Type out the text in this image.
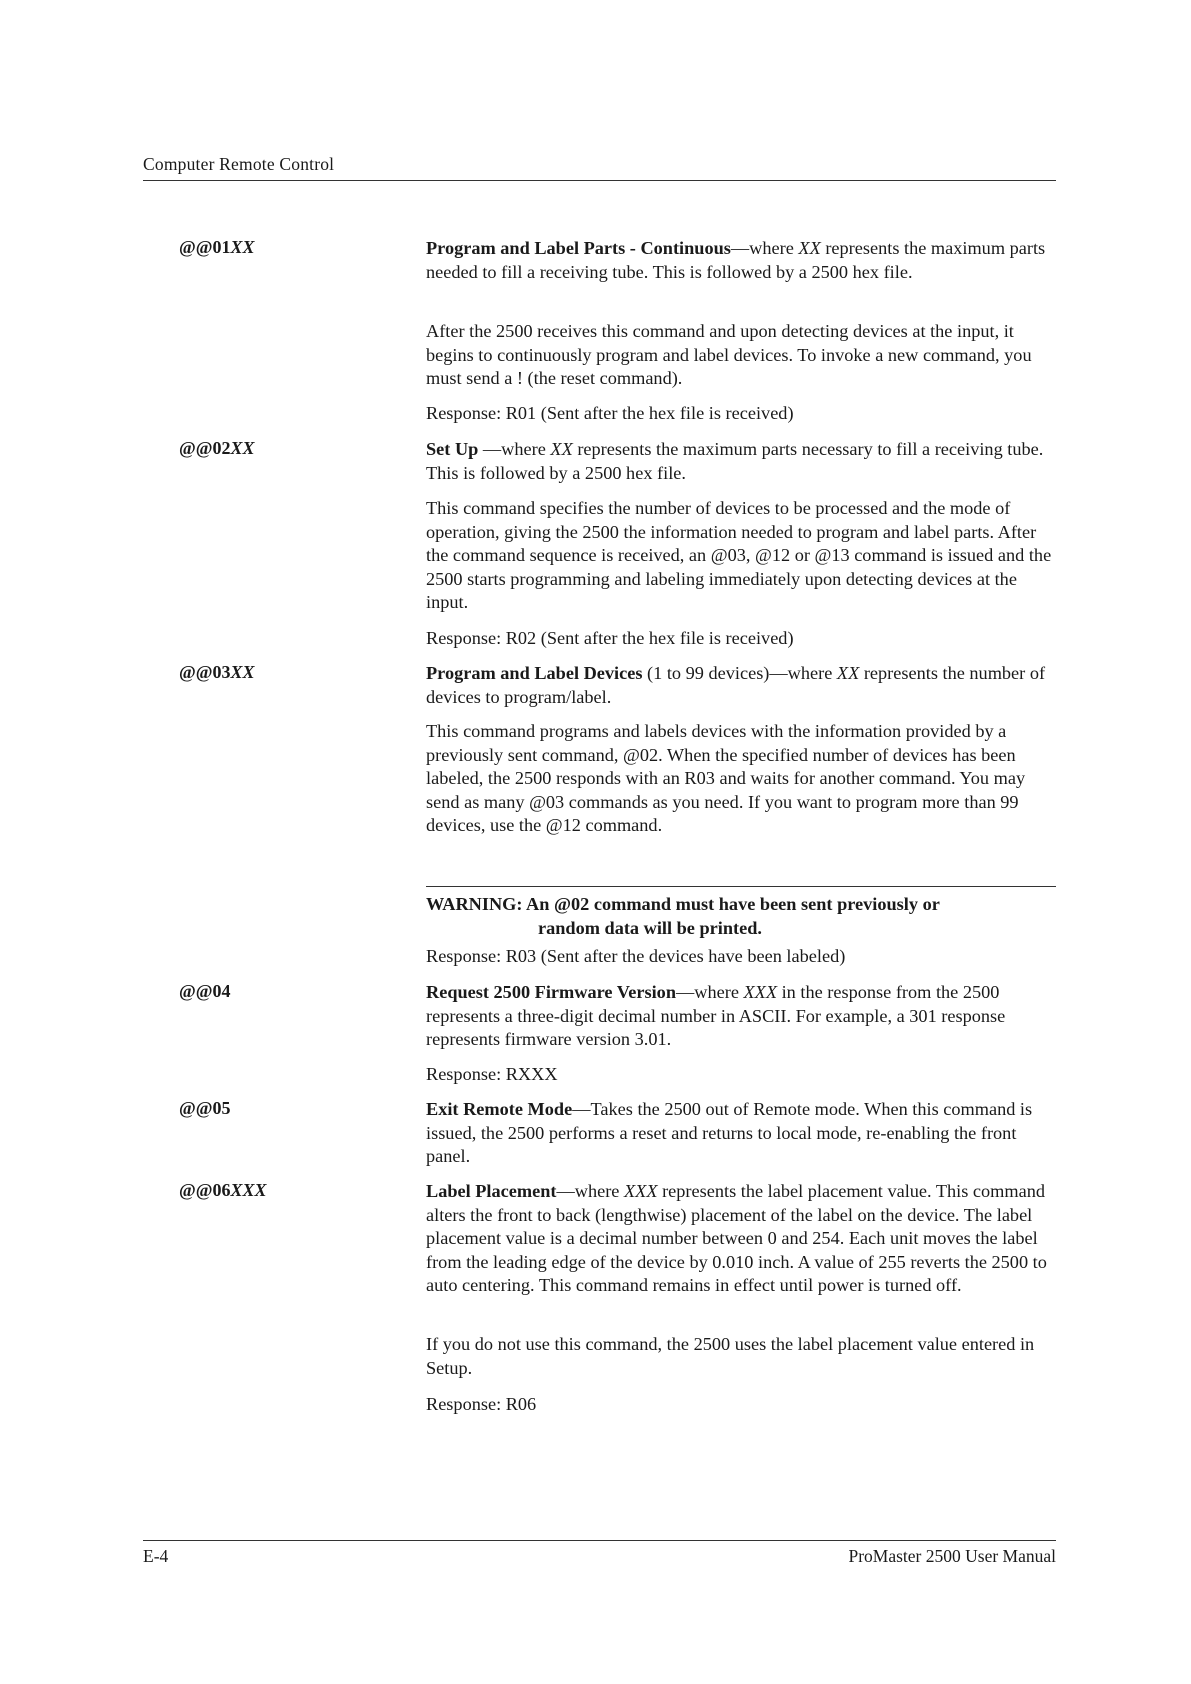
Computer Remote Control
@@01XX	Program and Label Parts - Continuous—where XX represents the maximum parts needed to fill a receiving tube. This is followed by a 2500 hex file.
After the 2500 receives this command and upon detecting devices at the input, it begins to continuously program and label devices. To invoke a new command, you must send a ! (the reset command).
Response: R01 (Sent after the hex file is received)
@@02XX	Set Up —where XX represents the maximum parts necessary to fill a receiving tube. This is followed by a 2500 hex file.
This command specifies the number of devices to be processed and the mode of operation, giving the 2500 the information needed to program and label parts. After the command sequence is received, an @03, @12 or @13 command is issued and the 2500 starts programming and labeling immediately upon detecting devices at the input.
Response: R02 (Sent after the hex file is received)
@@03XX	Program and Label Devices (1 to 99 devices)—where XX represents the number of devices to program/label.
This command programs and labels devices with the information provided by a previously sent command, @02. When the specified number of devices has been labeled, the 2500 responds with an R03 and waits for another command. You may send as many @03 commands as you need. If you want to program more than 99 devices, use the @12 command.
WARNING: An @02 command must have been sent previously or
random data will be printed.
Response: R03 (Sent after the devices have been labeled)
@@04	Request 2500 Firmware Version—where XXX in the response from the 2500 represents a three-digit decimal number in ASCII. For example, a 301 response represents firmware version 3.01.
Response: RXXX
@@05	Exit Remote Mode—Takes the 2500 out of Remote mode. When this command is issued, the 2500 performs a reset and returns to local mode, re-enabling the front panel.
@@06XXX	Label Placement—where XXX represents the label placement value. This command alters the front to back (lengthwise) placement of the label on the device. The label placement value is a decimal number between 0 and 254. Each unit moves the label from the leading edge of the device by 0.010 inch. A value of 255 reverts the 2500 to auto centering. This command remains in effect until power is turned off.
If you do not use this command, the 2500 uses the label placement value entered in Setup.
Response: R06
E-4	ProMaster 2500 User Manual
